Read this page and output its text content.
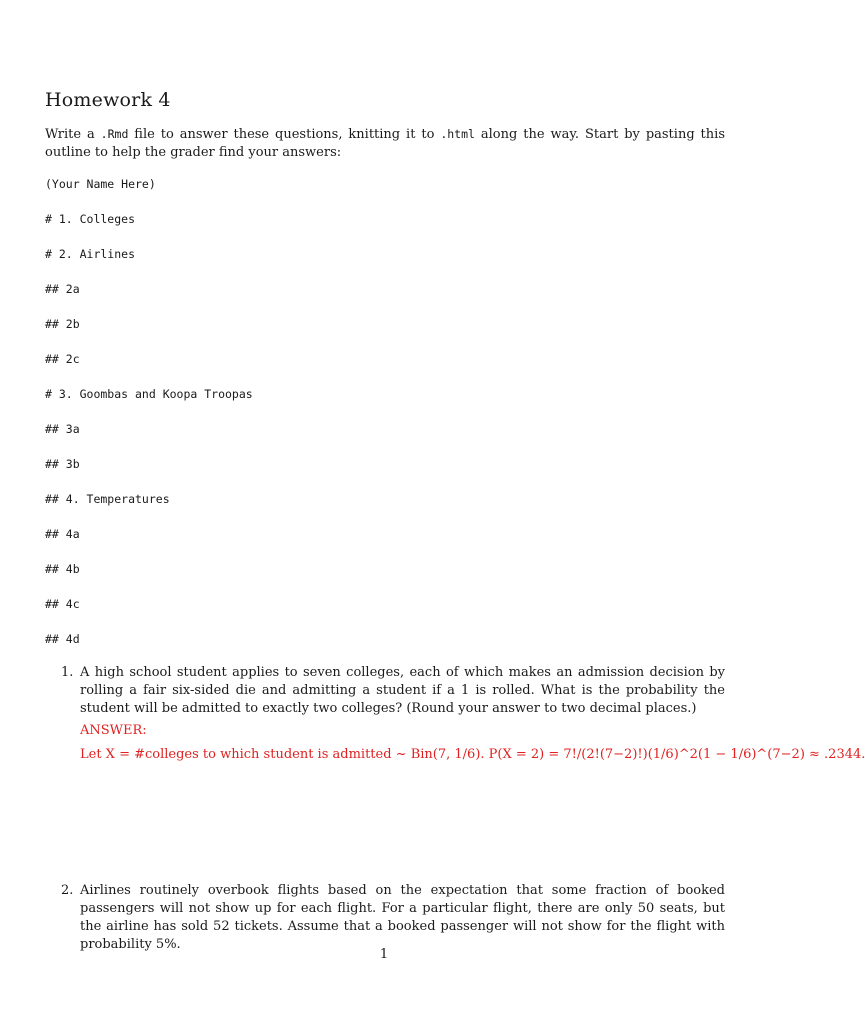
Homework 4
Write a .Rmd file to answer these questions, knitting it to .html along the way. Start by pasting this outline to help the grader find your answers:
(Your Name Here)
# 1. Colleges
# 2. Airlines
## 2a
## 2b
## 2c
# 3. Goombas and Koopa Troopas
## 3a
## 3b
## 4. Temperatures
## 4a
## 4b
## 4c
## 4d
1. A high school student applies to seven colleges, each of which makes an admission decision by rolling a fair six-sided die and admitting a student if a 1 is rolled. What is the probability the student will be admitted to exactly two colleges? (Round your answer to two decimal places.)
ANSWER:
Let X = #colleges to which student is admitted ~ Bin(7, 1/6). P(X = 2) = 7!/(2!(7−2)!)(1/6)^2(1 − 1/6)^(7−2) ≈ .2344.
2. Airlines routinely overbook flights based on the expectation that some fraction of booked passengers will not show up for each flight. For a particular flight, there are only 50 seats, but the airline has sold 52 tickets. Assume that a booked passenger will not show for the flight with probability 5%.
1
